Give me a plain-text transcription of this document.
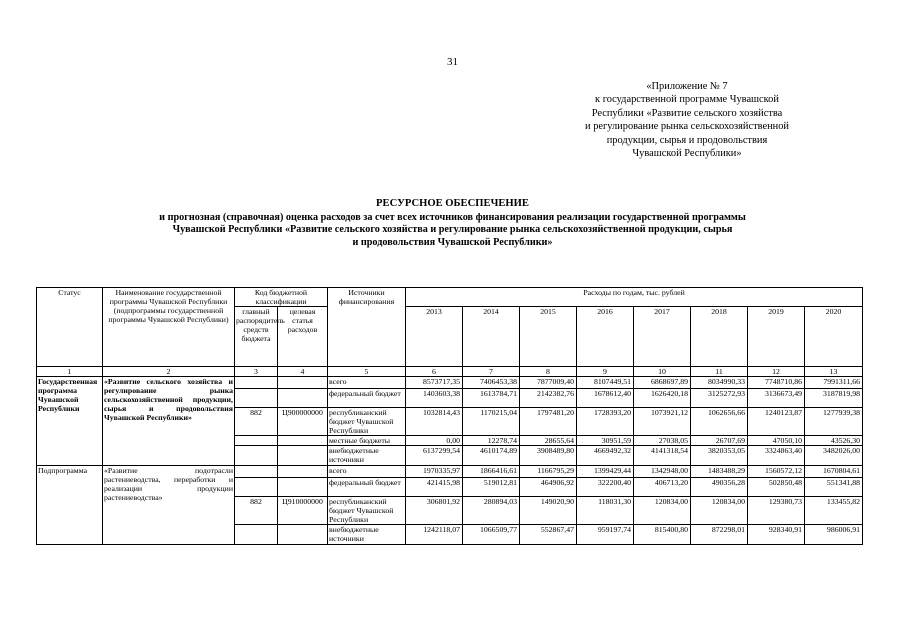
31
«Приложение № 7
к государственной программе Чувашской
Республики «Развитие сельского хозяйства
и регулирование рынка сельскохозяйственной
продукции, сырья и продовольствия
Чувашской Республики»
РЕСУРСНОЕ ОБЕСПЕЧЕНИЕ
и прогнозная (справочная) оценка расходов за счет всех источников финансирования реализации государственной программы
Чувашской Республики «Развитие сельского хозяйства и регулирование рынка сельскохозяйственной продукции, сырья
и продовольствия Чувашской Республики»
Статус	Наименование государственной программы Чувашской Республики (подпрограммы государственной программы Чувашской Республики)	Код бюджетной классификации		Источники финансирования	Расходы по годам, тыс. рублей							
		главный распорядитель средств бюджета	целевая статья расходов		2013	2014	2015	2016	2017	2018	2019	2020
1	2	3	4	5	6	7	8	9	10	11	12	13
Государственная программа Чувашской Республики	«Развитие сельского хозяйства и регулирование рынка сельскохозяйственной продукции, сырья и продовольствия Чувашской Республики»			всего	8573717,35	7406453,38	7877009,40	8107449,51	6868697,89	8034990,33	7748710,86	7991311,66
				федеральный бюджет	1403603,38	1613784,71	2142382,76	1678612,40	1626420,18	3125272,93	3136673,49	3187819,98
		882	Ц900000000	республиканский бюджет Чувашской Республики	1032814,43	1170215,04	1797481,20	1728393,20	1073921,12	1062656,66	1240123,87	1277939,38
				местные бюджеты	0,00	12278,74	28655,64	30951,59	27038,05	26707,69	47050,10	43526,30
				внебюджетные источники	6137299,54	4610174,89	3908489,80	4669492,32	4141318,54	3820353,05	3324863,40	3482026,00
Подпрограмма	«Развитие подотрасли растениеводства, переработки и реализации продукции растениеводства»			всего	1970335,97	1866416,61	1166795,29	1399429,44	1342948,00	1483488,29	1560572,12	1670804,61
				федеральный бюджет	421415,98	519012,81	464906,92	322200,40	406713,20	490356,28	502850,48	551341,88
		882	Ц910000000	республиканский бюджет Чувашской Республики	306801,92	280894,03	149020,90	118031,30	120834,00	120834,00	129380,73	133455,82
				внебюджетные источники	1242118,07	1066509,77	552867,47	959197,74	815400,80	872298,01	928340,91	986006,91
